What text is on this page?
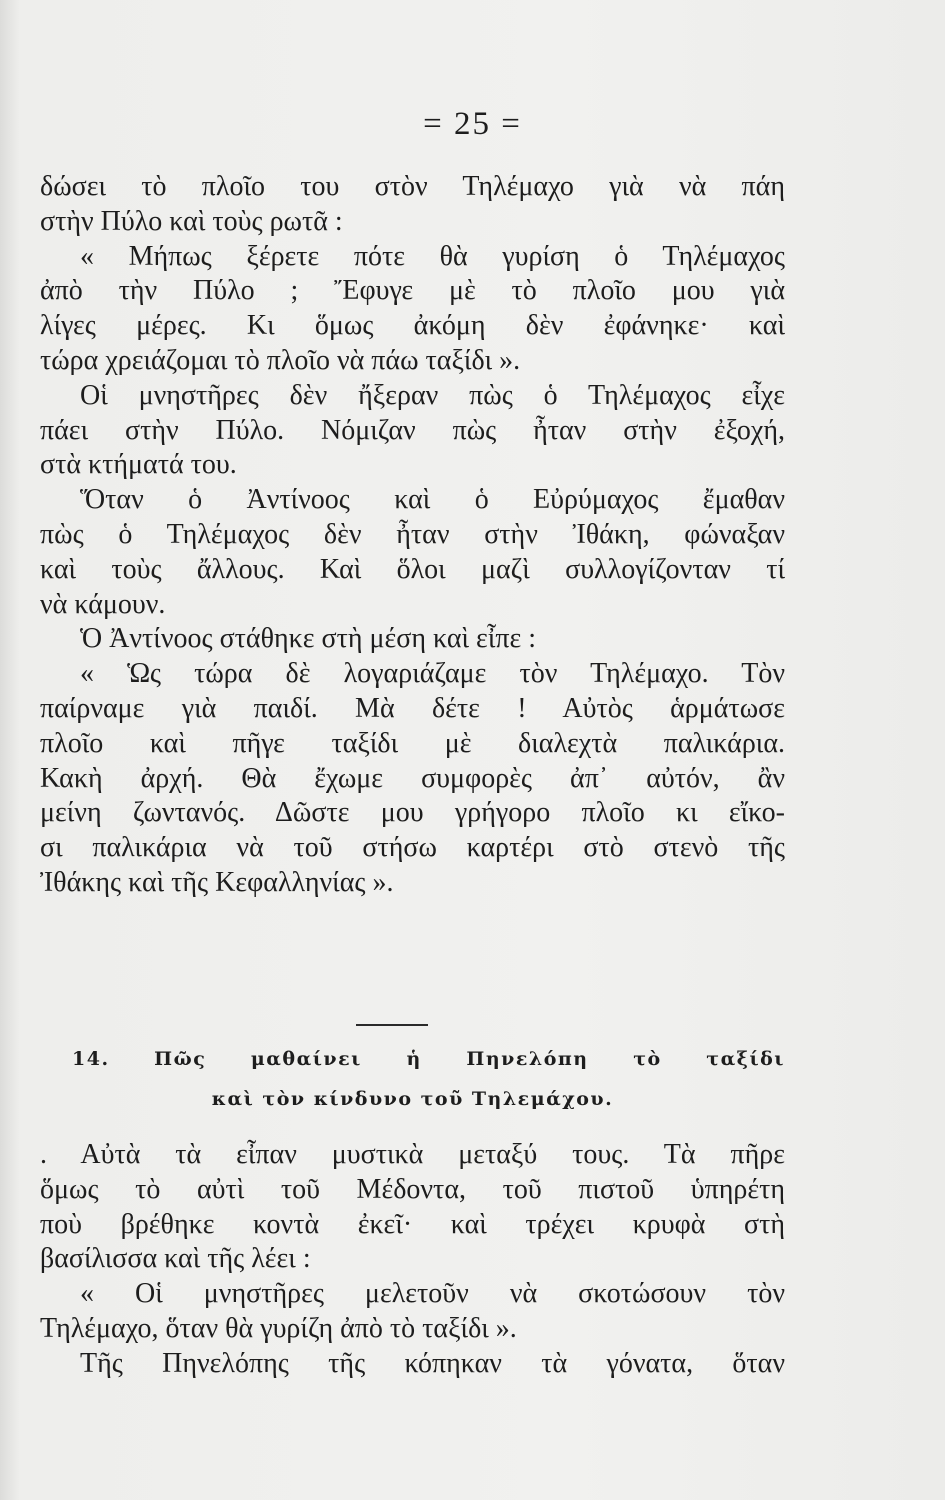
= 25 =
δώσει τὸ πλοῖο του στὸν Τηλέμαχο γιὰ νὰ πάη
στὴν Πύλο καὶ τοὺς ρωτᾶ :
« Μήπως ξέρετε πότε θὰ γυρίση ὁ Τηλέμαχος
ἀπὸ τὴν Πύλο ; Ἔφυγε μὲ τὸ πλοῖο μου γιὰ
λίγες μέρες. Κι ὅμως ἀκόμη δὲν ἐφάνηκε· καὶ
τώρα χρειάζομαι τὸ πλοῖο νὰ πάω ταξίδι ».
Οἱ μνηστῆρες δὲν ἤξεραν πὼς ὁ Τηλέμαχος εἶχε
πάει στὴν Πύλο. Νόμιζαν πὼς ἦταν στὴν ἐξοχή,
στὰ κτήματά του.
Ὅταν ὁ Ἀντίνοος καὶ ὁ Εὐρύμαχος ἔμαθαν
πὼς ὁ Τηλέμαχος δὲν ἦταν στὴν Ἰθάκη, φώναξαν
καὶ τοὺς ἄλλους. Καὶ ὅλοι μαζὶ συλλογίζονταν τί
νὰ κάμουν.
Ὁ Ἀντίνοος στάθηκε στὴ μέση καὶ εἶπε :
« Ὡς τώρα δὲ λογαριάζαμε τὸν Τηλέμαχο. Τὸν
παίρναμε γιὰ παιδί. Μὰ δέτε ! Αὐτὸς ἁρμάτωσε
πλοῖο καὶ πῆγε ταξίδι μὲ διαλεχτὰ παλικάρια.
Κακὴ ἀρχή. Θὰ ἔχωμε συμφορὲς ἀπ᾽ αὐτόν, ἂν
μείνη ζωντανός. Δῶστε μου γρήγορο πλοῖο κι εἴκο-
σι παλικάρια νὰ τοῦ στήσω καρτέρι στὸ στενὸ τῆς
Ἰθάκης καὶ τῆς Κεφαλληνίας ».
14. Πῶς μαθαίνει ἡ Πηνελόπη τὸ ταξίδι
καὶ τὸν κίνδυνο τοῦ Τηλεμάχου.
. Αὐτὰ τὰ εἶπαν μυστικὰ μεταξύ τους. Τὰ πῆρε
ὅμως τὸ αὐτὶ τοῦ Μέδοντα, τοῦ πιστοῦ ὑπηρέτη
ποὺ βρέθηκε κοντὰ ἐκεῖ· καὶ τρέχει κρυφὰ στὴ
βασίλισσα καὶ τῆς λέει :
« Οἱ μνηστῆρες μελετοῦν νὰ σκοτώσουν τὸν
Τηλέμαχο, ὅταν θὰ γυρίζη ἀπὸ τὸ ταξίδι ».
Τῆς Πηνελόπης τῆς κόπηκαν τὰ γόνατα, ὅταν
